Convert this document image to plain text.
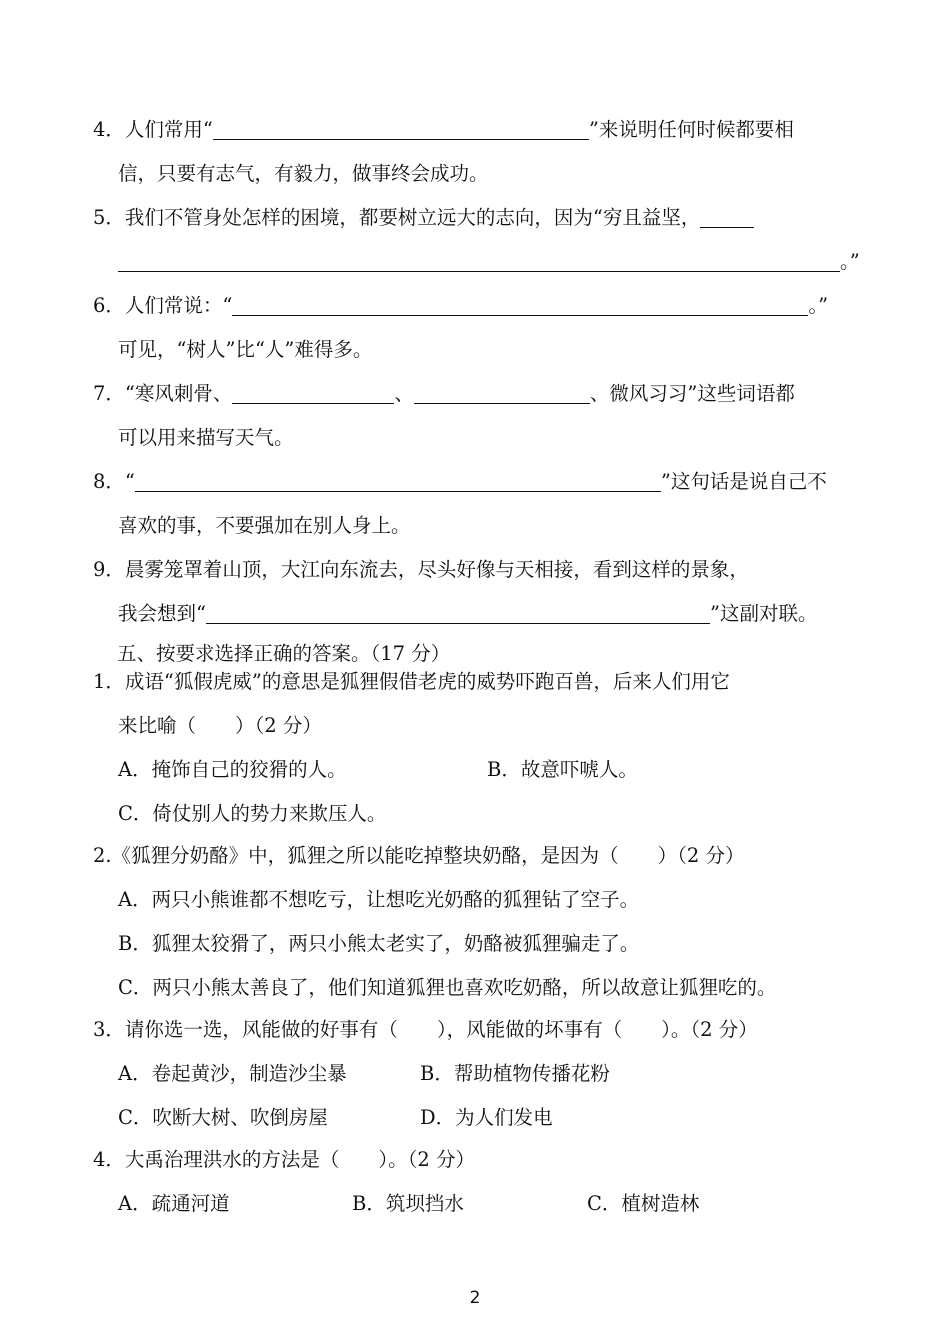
4．人们常用“	”来说明任何时候都要相
信，只要有志气，有毅力，做事终会成功。
5．我们不管身处怎样的困境，都要树立远大的志向，因为“穷且益坚，
。”
6．人们常说：“	。”
可见，“树人”比“人”难得多。
7．“寒风刺骨、	、	、微风习习”这些词语都
可以用来描写天气。
8．“	”这句话是说自己不
喜欢的事，不要强加在别人身上。
9．晨雾笼罩着山顶，大江向东流去，尽头好像与天相接，看到这样的景象，
我会想到“	”这副对联。
五、按要求选择正确的答案。（17 分）
1．成语“狐假虎威”的意思是狐狸假借老虎的威势吓跑百兽，后来人们用它
来比喻（　　）（2 分）
A．掩饰自己的狡猾的人。	B．故意吓唬人。
C．倚仗别人的势力来欺压人。
2.《狐狸分奶酪》中，狐狸之所以能吃掉整块奶酪，是因为（　　）（2 分）
A．两只小熊谁都不想吃亏，让想吃光奶酪的狐狸钻了空子。
B．狐狸太狡猾了，两只小熊太老实了，奶酪被狐狸骗走了。
C．两只小熊太善良了，他们知道狐狸也喜欢吃奶酪，所以故意让狐狸吃的。
3．请你选一选，风能做的好事有（　　），风能做的坏事有（　　）。（2 分）
A．卷起黄沙，制造沙尘暴	B．帮助植物传播花粉
C．吹断大树、吹倒房屋	D．为人们发电
4．大禹治理洪水的方法是（　　）。（2 分）
A．疏通河道	B．筑坝挡水	C．植树造林
2
